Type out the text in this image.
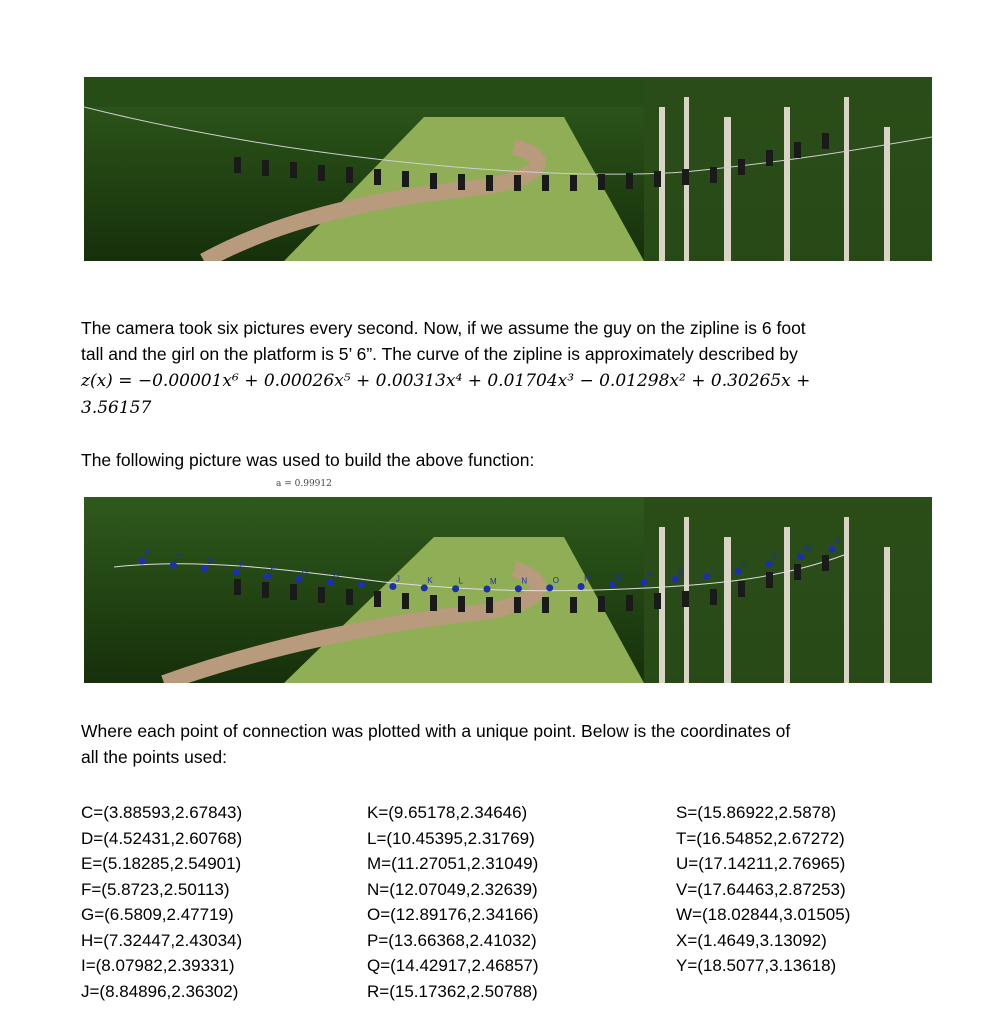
The camera took six pictures every second. Now, if we assume the guy on the zipline is 6 foot
tall and the girl on the platform is 5’ 6”. The curve of the zipline is approximately described by
z(x) = −0.00001x⁶ + 0.00026x⁵ + 0.00313x⁴ + 0.01704x³ − 0.01298x² + 0.30265x +
3.56157

The following picture was used to build the above function:

a = 0.99912
B	C	D	E	F	G	H	I	J	K	L	M	N	O	P	Q	R	S	T
U
V
W
X

Where each point of connection was plotted with a unique point. Below is the coordinates of
all the points used:

C=(3.88593,2.67843)
D=(4.52431,2.60768)
E=(5.18285,2.54901)
F=(5.8723,2.50113)
G=(6.5809,2.47719)
H=(7.32447,2.43034)
I=(8.07982,2.39331)
J=(8.84896,2.36302)
K=(9.65178,2.34646)
L=(10.45395,2.31769)
M=(11.27051,2.31049)
N=(12.07049,2.32639)
O=(12.89176,2.34166)
P=(13.66368,2.41032)
Q=(14.42917,2.46857)
R=(15.17362,2.50788)
S=(15.86922,2.5878)
T=(16.54852,2.67272)
U=(17.14211,2.76965)
V=(17.64463,2.87253)
W=(18.02844,3.01505)
X=(1.4649,3.13092)
Y=(18.5077,3.13618)
